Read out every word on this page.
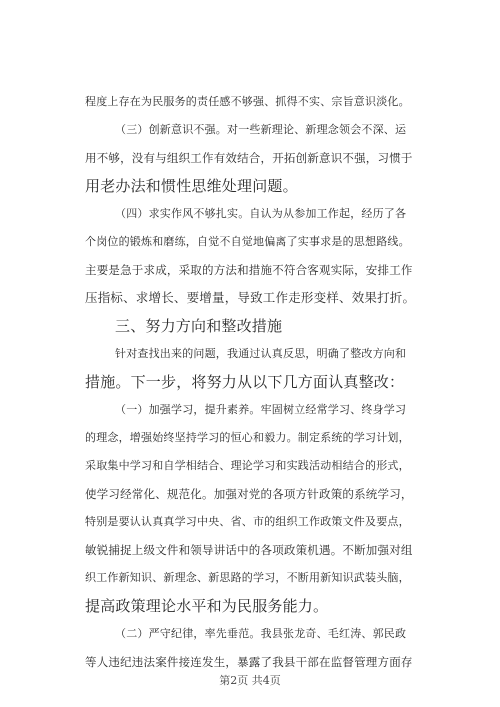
程度上存在为民服务的责任感不够强、抓得不实、宗旨意识淡化。
（三）创新意识不强。对一些新理论、新理念领会不深、运
用不够，没有与组织工作有效结合，开拓创新意识不强，习惯于
用老办法和惯性思维处理问题。
（四）求实作风不够扎实。自认为从参加工作起，经历了各
个岗位的锻炼和磨练，自觉不自觉地偏离了实事求是的思想路线。
主要是急于求成，采取的方法和措施不符合客观实际，安排工作
压指标、求增长、要增量，导致工作走形变样、效果打折。
三、努力方向和整改措施
针对查找出来的问题，我通过认真反思，明确了整改方向和
措施。下一步，将努力从以下几方面认真整改：
（一）加强学习，提升素养。牢固树立经常学习、终身学习
的理念，增强始终坚持学习的恒心和毅力。制定系统的学习计划，
采取集中学习和自学相结合、理论学习和实践活动相结合的形式，
使学习经常化、规范化。加强对党的各项方针政策的系统学习，
特别是要认认真真学习中央、省、市的组织工作政策文件及要点，
敏锐捕捉上级文件和领导讲话中的各项政策机遇。不断加强对组
织工作新知识、新理念、新思路的学习，不断用新知识武装头脑，
提高政策理论水平和为民服务能力。
（二）严守纪律，率先垂范。我县张龙奇、毛红涛、郭民政
等人违纪违法案件接连发生，暴露了我县干部在监督管理方面存
第2页 共4页
